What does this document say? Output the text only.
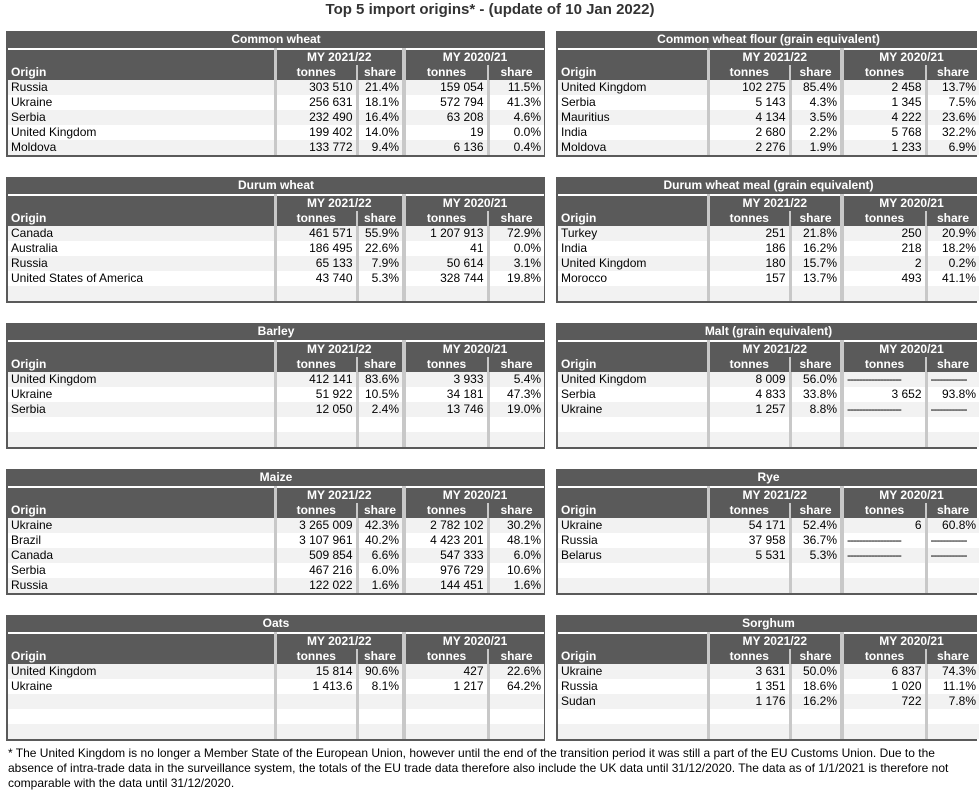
Top 5 import origins* - (update of 10 Jan 2022)
Common wheat				
	MY 2021/22		MY 2020/21	
Origin	tonnes	share	tonnes	share
Russia	303 510	21.4%	159 054	11.5%
Ukraine	256 631	18.1%	572 794	41.3%
Serbia	232 490	16.4%	63 208	4.6%
United Kingdom	199 402	14.0%	19	0.0%
Moldova	133 772	9.4%	6 136	0.4%
Common wheat flour (grain equivalent)				
	MY 2021/22		MY 2020/21	
Origin	tonnes	share	tonnes	share
United Kingdom	102 275	85.4%	2 458	13.7%
Serbia	5 143	4.3%	1 345	7.5%
Mauritius	4 134	3.5%	4 222	23.6%
India	2 680	2.2%	5 768	32.2%
Moldova	2 276	1.9%	1 233	6.9%
Durum wheat				
	MY 2021/22		MY 2020/21	
Origin	tonnes	share	tonnes	share
Canada	461 571	55.9%	1 207 913	72.9%
Australia	186 495	22.6%	41	0.0%
Russia	65 133	7.9%	50 614	3.1%
United States of America	43 740	5.3%	328 744	19.8%

Durum wheat meal (grain equivalent)				
	MY 2021/22		MY 2020/21	
Origin	tonnes	share	tonnes	share
Turkey	251	21.8%	250	20.9%
India	186	16.2%	218	18.2%
United Kingdom	180	15.7%	2	0.2%
Morocco	157	13.7%	493	41.1%

Barley				
	MY 2021/22		MY 2020/21	
Origin	tonnes	share	tonnes	share
United Kingdom	412 141	83.6%	3 933	5.4%
Ukraine	51 922	10.5%	34 181	47.3%
Serbia	12 050	2.4%	13 746	19.0%

Malt (grain equivalent)				
	MY 2021/22		MY 2020/21	
Origin	tonnes	share	tonnes	share
United Kingdom	8 009	56.0%	------------------	------------
Serbia	4 833	33.8%	3 652	93.8%
Ukraine	1 257	8.8%	------------------	------------

Maize				
	MY 2021/22		MY 2020/21	
Origin	tonnes	share	tonnes	share
Ukraine	3 265 009	42.3%	2 782 102	30.2%
Brazil	3 107 961	40.2%	4 423 201	48.1%
Canada	509 854	6.6%	547 333	6.0%
Serbia	467 216	6.0%	976 729	10.6%
Russia	122 022	1.6%	144 451	1.6%
Rye				
	MY 2021/22		MY 2020/21	
Origin	tonnes	share	tonnes	share
Ukraine	54 171	52.4%	6	60.8%
Russia	37 958	36.7%	------------------	------------
Belarus	5 531	5.3%	------------------	------------

Oats				
	MY 2021/22		MY 2020/21	
Origin	tonnes	share	tonnes	share
United Kingdom	15 814	90.6%	427	22.6%
Ukraine	1 413.6	8.1%	1 217	64.2%

Sorghum				
	MY 2021/22		MY 2020/21	
Origin	tonnes	share	tonnes	share
Ukraine	3 631	50.0%	6 837	74.3%
Russia	1 351	18.6%	1 020	11.1%
Sudan	1 176	16.2%	722	7.8%

* The United Kingdom is no longer a Member State of the European Union, however until the end of the transition period it was still a part of the EU Customs Union. Due to the absence of intra-trade data in the surveillance system, the totals of the EU trade data therefore also include the UK data until 31/12/2020. The data as of 1/1/2021 is therefore not comparable with the data until 31/12/2020.
